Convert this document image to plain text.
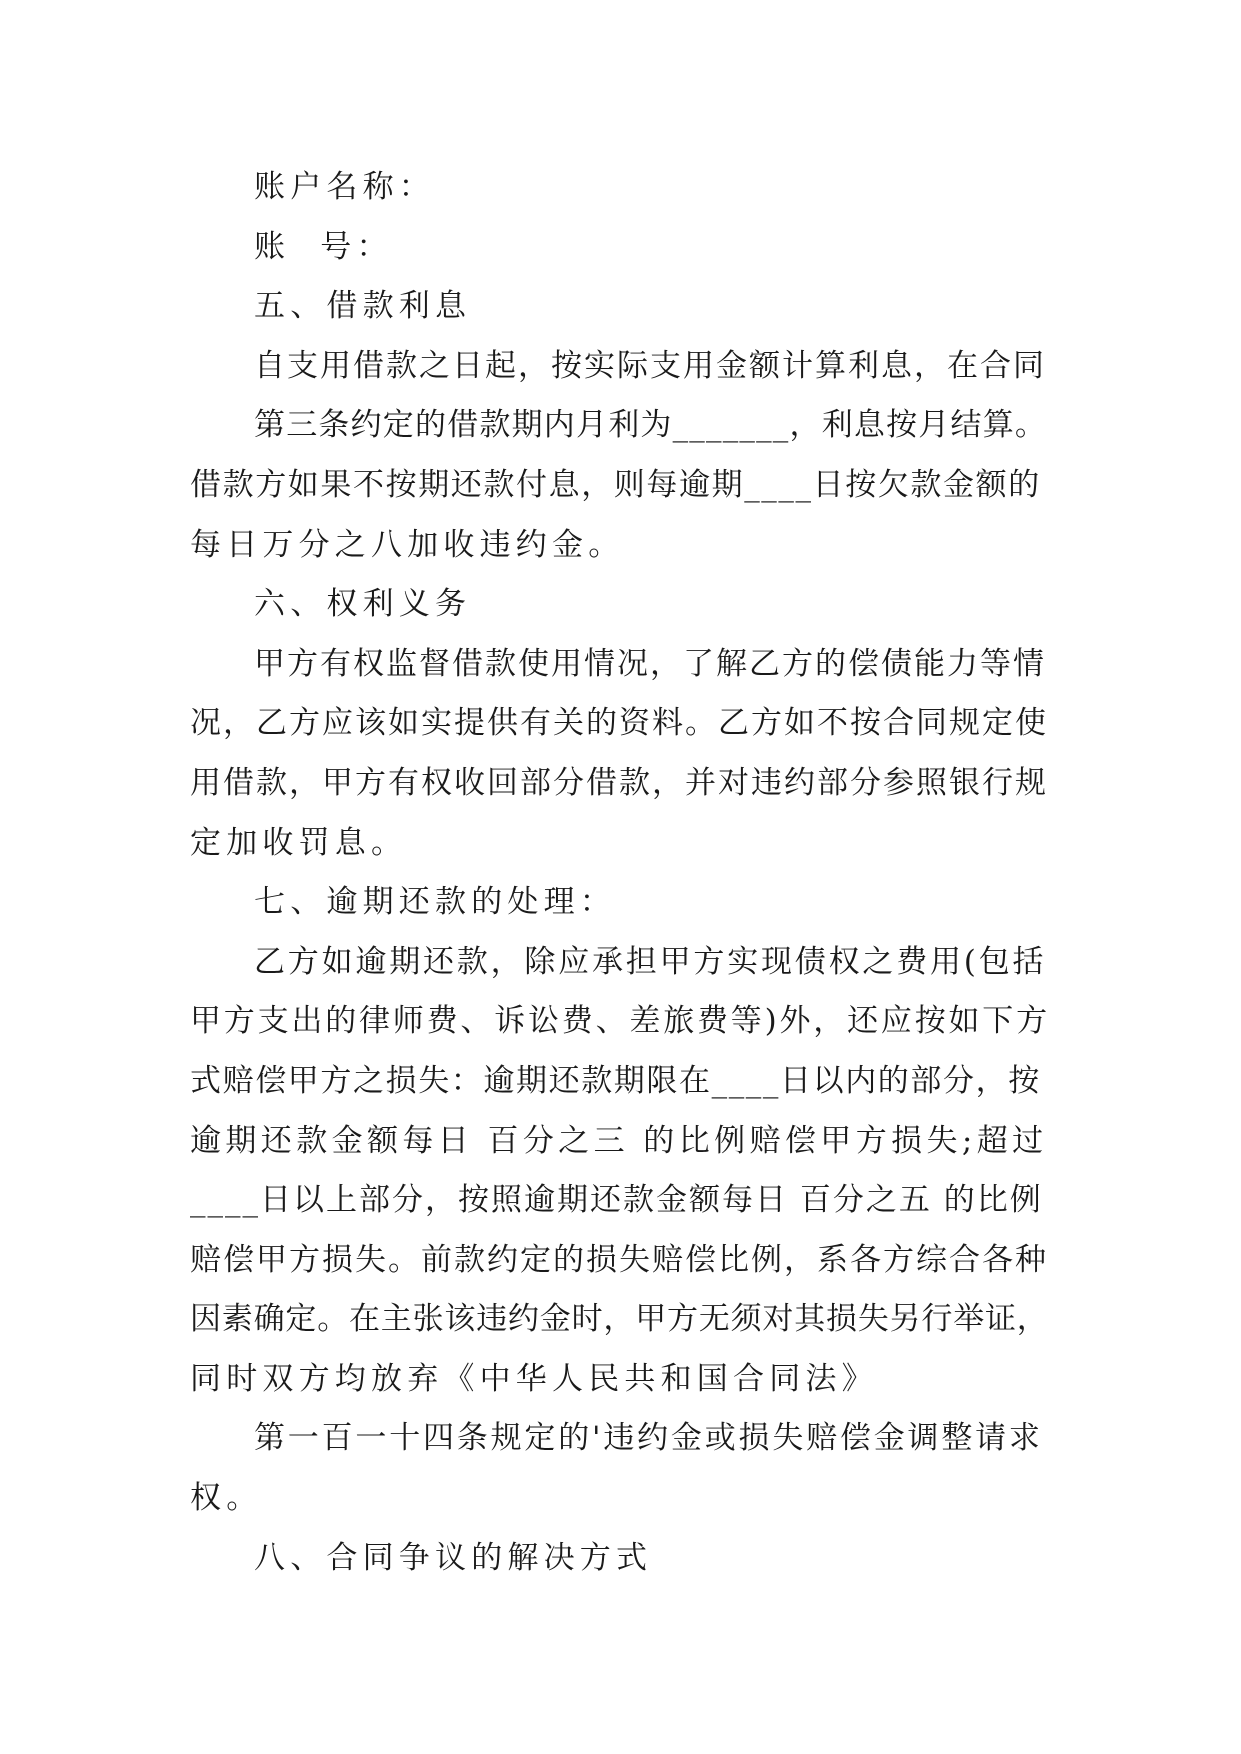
账户名称：
账  号：
五、借款利息
自支用借款之日起，按实际支用金额计算利息，在合同
第三条约定的借款期内月利为_______，利息按月结算。
借款方如果不按期还款付息，则每逾期____日按欠款金额的
每日万分之八加收违约金。
六、权利义务
甲方有权监督借款使用情况，了解乙方的偿债能力等情
况，乙方应该如实提供有关的资料。乙方如不按合同规定使
用借款，甲方有权收回部分借款，并对违约部分参照银行规
定加收罚息。
七、逾期还款的处理：
乙方如逾期还款，除应承担甲方实现债权之费用(包括
甲方支出的律师费、诉讼费、差旅费等)外，还应按如下方
式赔偿甲方之损失：逾期还款期限在____日以内的部分，按
逾期还款金额每日 百分之三 的比例赔偿甲方损失;超过
____日以上部分，按照逾期还款金额每日 百分之五 的比例
赔偿甲方损失。前款约定的损失赔偿比例，系各方综合各种
因素确定。在主张该违约金时，甲方无须对其损失另行举证，
同时双方均放弃《中华人民共和国合同法》
第一百一十四条规定的'违约金或损失赔偿金调整请求
权。
八、合同争议的解决方式
